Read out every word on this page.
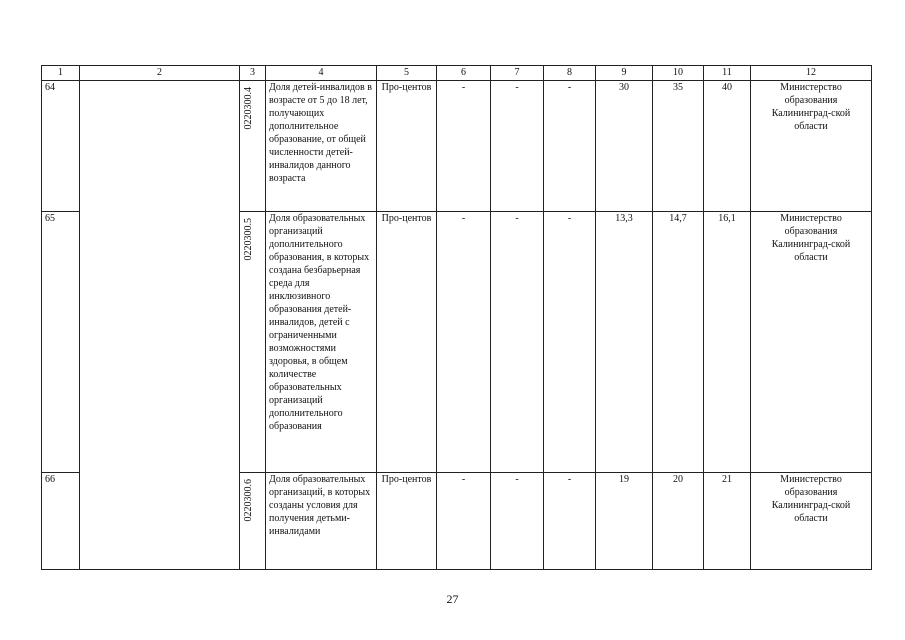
1	2	3	4	5	6	7	8	9	10	11	12
64		0220300.4	Доля детей-инвалидов в возрасте от 5 до 18 лет, получающих дополнительное образование, от общей численности детей-инвалидов данного возраста	Про-центов	-	-	-	30	35	40	Министерство образования Калининград-ской области
65		0220300.5	Доля образовательных организаций дополнительного образования, в которых создана безбарьерная среда для инклюзивного образования детей-инвалидов, детей с ограниченными возможностями здоровья, в общем количестве образовательных организаций дополнительного образования	Про-центов	-	-	-	13,3	14,7	16,1	Министерство образования Калининград-ской области
66		0220300.6	Доля образовательных организаций, в которых созданы условия для получения детьми-инвалидами	Про-центов	-	-	-	19	20	21	Министерство образования Калининград-ской области
27
